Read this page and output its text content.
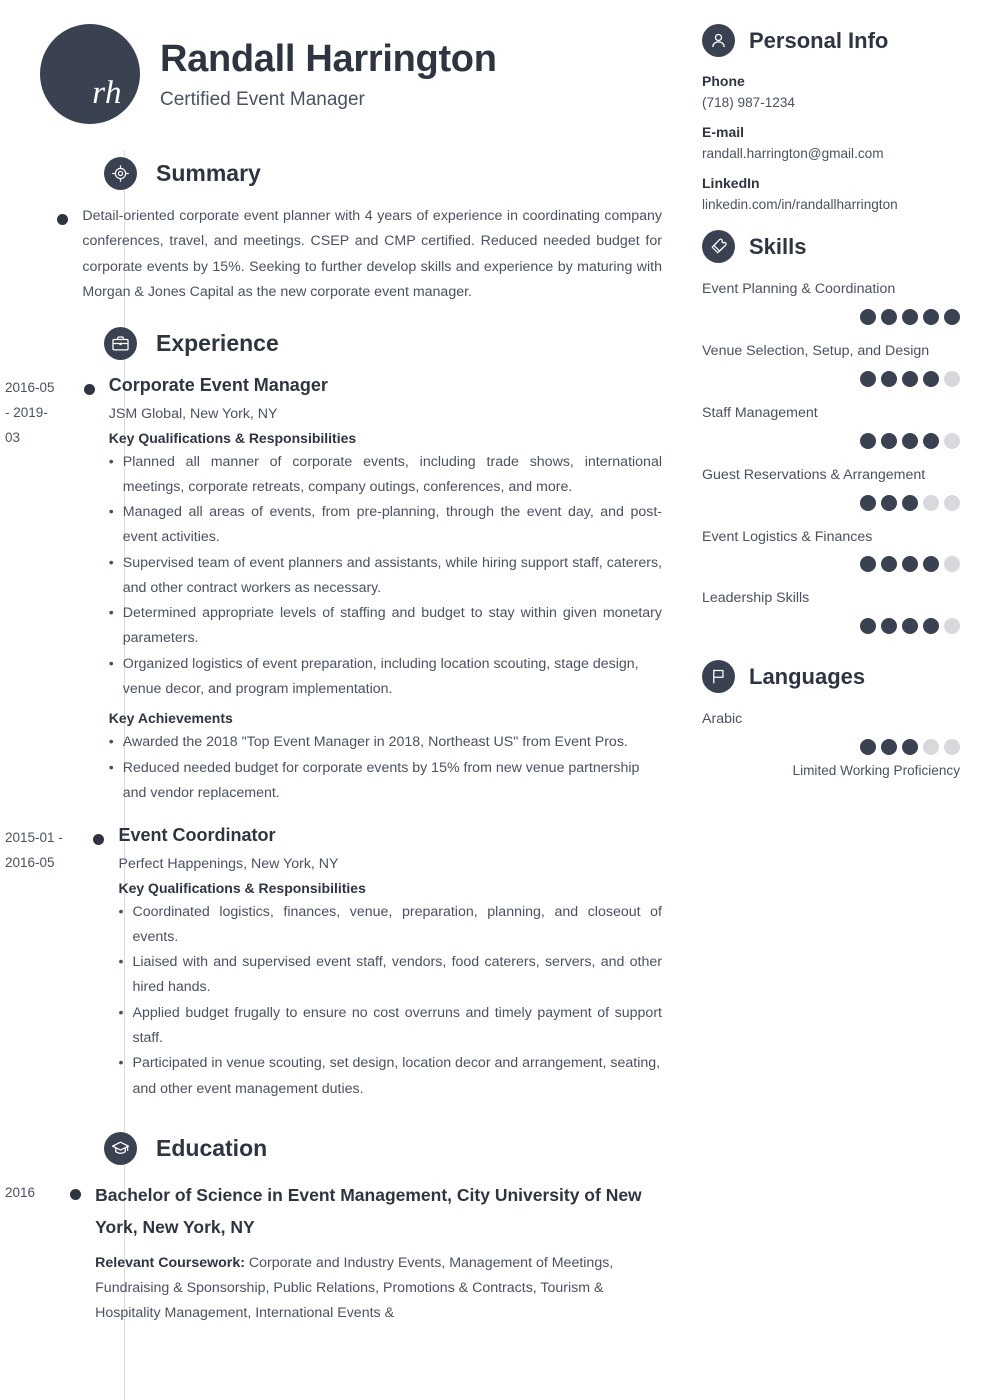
rh
Randall Harrington
Certified Event Manager
Summary

Detail-oriented corporate event planner with 4 years of experience in coordinating company conferences, travel, and meetings. CSEP and CMP certified. Reduced needed budget for corporate events by 15%. Seeking to further develop skills and experience by maturing with Morgan & Jones Capital as the new corporate event manager.

Experience
2016-05 - 2019-03
Corporate Event Manager
JSM Global, New York, NY
Key Qualifications & Responsibilities
• Planned all manner of corporate events, including trade shows, international meetings, corporate retreats, company outings, conferences, and more.
• Managed all areas of events, from pre-planning, through the event day, and post-event activities.
• Supervised team of event planners and assistants, while hiring support staff, caterers, and other contract workers as necessary.
• Determined appropriate levels of staffing and budget to stay within given monetary parameters.
• Organized logistics of event preparation, including location scouting, stage design, venue decor, and program implementation.
Key Achievements
• Awarded the 2018 "Top Event Manager in 2018, Northeast US" from Event Pros.
• Reduced needed budget for corporate events by 15% from new venue partnership and vendor replacement.
2015-01 - 2016-05
Event Coordinator
Perfect Happenings, New York, NY
Key Qualifications & Responsibilities
• Coordinated logistics, finances, venue, preparation, planning, and closeout of events.
• Liaised with and supervised event staff, vendors, food caterers, servers, and other hired hands.
• Applied budget frugally to ensure no cost overruns and timely payment of support staff.
• Participated in venue scouting, set design, location decor and arrangement, seating, and other event management duties.
Education
2016	Bachelor of Science in Event Management, City University of New York, New York, NY
Relevant Coursework: Corporate and Industry Events, Management of Meetings, Fundraising & Sponsorship, Public Relations, Promotions & Contracts, Tourism & Hospitality Management, International Events &
Personal Info
Phone
(718) 987-1234
E-mail
randall.harrington@gmail.com
LinkedIn
linkedin.com/in/randallharrington
Skills
Event Planning & Coordination
Venue Selection, Setup, and Design
Staff Management
Guest Reservations & Arrangement
Event Logistics & Finances
Leadership Skills
Languages
Arabic
Limited Working Proficiency
